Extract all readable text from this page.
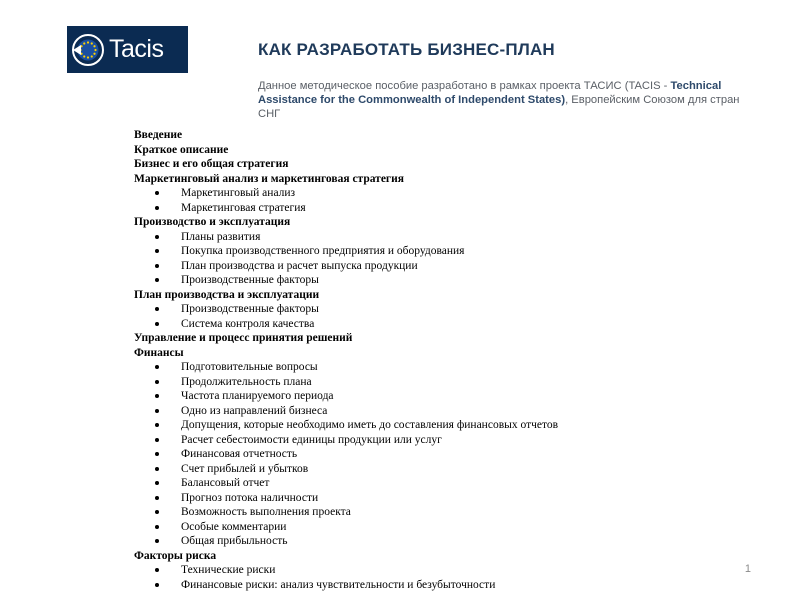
Tacis	КАК РАЗРАБОТАТЬ БИЗНЕС-ПЛАН

Данное методическое пособие разработано в рамках проекта ТАСИС (TACIS - Technical Assistance for the Commonwealth of Independent States), Европейским Союзом для стран СНГ

Введение
Краткое описание
Бизнес и его общая стратегия
Маркетинговый анализ и маркетинговая стратегия
Маркетинговый анализ
Маркетинговая стратегия
Производство и эксплуатация
Планы развития
Покупка производственного предприятия и оборудования
План производства и расчет выпуска продукции
Производственные факторы
План производства и эксплуатации
Производственные факторы
Система контроля качества
Управление и процесс принятия решений
Финансы
Подготовительные вопросы
Продолжительность плана
Частота планируемого периода
Одно из направлений бизнеса
Допущения, которые необходимо иметь до составления финансовых отчетов
Расчет себестоимости единицы продукции или услуг
Финансовая отчетность
Счет прибылей и убытков
Балансовый отчет
Прогноз потока наличности
Возможность выполнения проекта
Особые комментарии
Общая прибыльность
Факторы риска
Технические риски
Финансовые риски: анализ чувствительности и безубыточности
1
